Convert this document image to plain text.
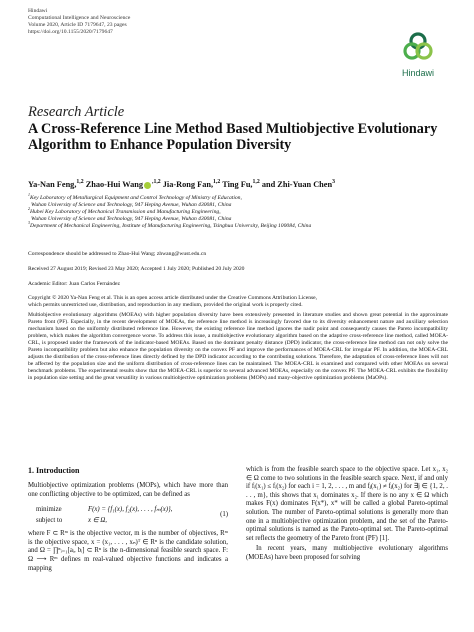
Hindawi
Computational Intelligence and Neuroscience
Volume 2020, Article ID 7179647, 23 pages
https://doi.org/10.1155/2020/7179647
Hindawi
Research Article
A Cross-Reference Line Method Based Multiobjective Evolutionary Algorithm to Enhance Population Diversity
Ya-Nan Feng,$^{1,2}$ Zhao-Hui Wang $^{,1,2}$ Jia-Rong Fan,$^{1,2}$ Ting Fu,$^{1,2}$ and Zhi-Yuan Chen$^3$
$^1$Key Laboratory of Metallurgical Equipment and Control Technology of Ministry of Education,
Wuhan University of Science and Technology, 947 Heping Avenue, Wuhan 430081, China
$^2$Hubei Key Laboratory of Mechanical Transmission and Manufacturing Engineering,
Wuhan University of Science and Technology, 947 Heping Avenue, Wuhan 430081, China
$^3$Department of Mechanical Engineering, Institute of Manufacturing Engineering, Tsinghua University, Beijing 100084, China
Correspondence should be addressed to Zhao-Hui Wang; zhwang@wust.edu.cn
Received 27 August 2019; Revised 23 May 2020; Accepted 1 July 2020; Published 20 July 2020
Academic Editor: Juan Carlos Fernández
Copyright © 2020 Ya-Nan Feng et al. This is an open access article distributed under the Creative Commons Attribution License,
which permits unrestricted use, distribution, and reproduction in any medium, provided the original work is properly cited.
Multiobjective evolutionary algorithms (MOEAs) with higher population diversity have been extensively presented in literature studies and shown great potential in the approximate Pareto front (PF). Especially, in the recent development of MOEAs, the reference line method is increasingly favored due to its diversity enhancement nature and auxiliary selection mechanism based on the uniformly distributed reference line. However, the existing reference line method ignores the nadir point and consequently causes the Pareto incompatibility problem, which makes the algorithm convergence worse. To address this issue, a multiobjective evolutionary algorithm based on the adaptive cross-reference line method, called MOEA-CRL, is proposed under the framework of the indicator-based MOEAs. Based on the dominant penalty distance (DPD) indicator, the cross-reference line method can not only solve the Pareto incompatibility problem but also enhance the population diversity on the convex PF and improve the performances of MOEA-CRL for irregular PF. In addition, the MOEA-CRL adjusts the distribution of the cross-reference lines directly defined by the DPD indicator according to the contributing solutions. Therefore, the adaptation of cross-reference lines will not be affected by the population size and the uniform distribution of cross-reference lines can be maintained. The MOEA-CRL is examined and compared with other MOEAs on several benchmark problems. The experimental results show that the MOEA-CRL is superior to several advanced MOEAs, especially on the convex PF. The MOEA-CRL exhibits the flexibility in population size setting and the great versatility in various multiobjective optimization problems (MOPs) and many-objective optimization problems (MaOPs).
1. Introduction

Multiobjective optimization problems (MOPs), which have more than one conflicting objective to be optimized, can be defined as

minimize	F(x) = {f₁(x), f₂(x), . . . , fₘ(x)},
subject to	x ∈ Ω,
(1)

where F ⊂ Rᵐ is the objective vector, m is the number of objectives, Rᵐ is the objective space, x = (x₁, . . . , xₙ)ᵀ ∈ Rⁿ is the candidate solution, and Ω = ∏ⁿᵢ₌₁[aᵢ, bᵢ] ⊂ Rⁿ is the n-dimensional feasible search space. F: Ω ⟶ Rᵐ defines m real-valued objective functions and indicates a mapping

which is from the feasible search space to the objective space. Let x₁, x₂ ∈ Ω come to two solutions in the feasible search space. Next, if and only if fᵢ(x₁) ≤ fᵢ(x₂) for each i = 1, 2, . . . , m and fⱼ(x₁) ≠ fⱼ(x₂) for ∃j ∈ {1, 2, . . . , m}, this shows that x₁ dominates x₂. If there is no any x ∈ Ω which makes F(x) dominates F(x*), x* will be called a global Pareto-optimal solution. The number of Pareto-optimal solutions is generally more than one in a multiobjective optimization problem, and the set of the Pareto-optimal solutions is named as the Pareto-optimal set. The Pareto-optimal set reflects the geometry of the Pareto front (PF) [1].

In recent years, many multiobjective evolutionary algorithms (MOEAs) have been proposed for solving
